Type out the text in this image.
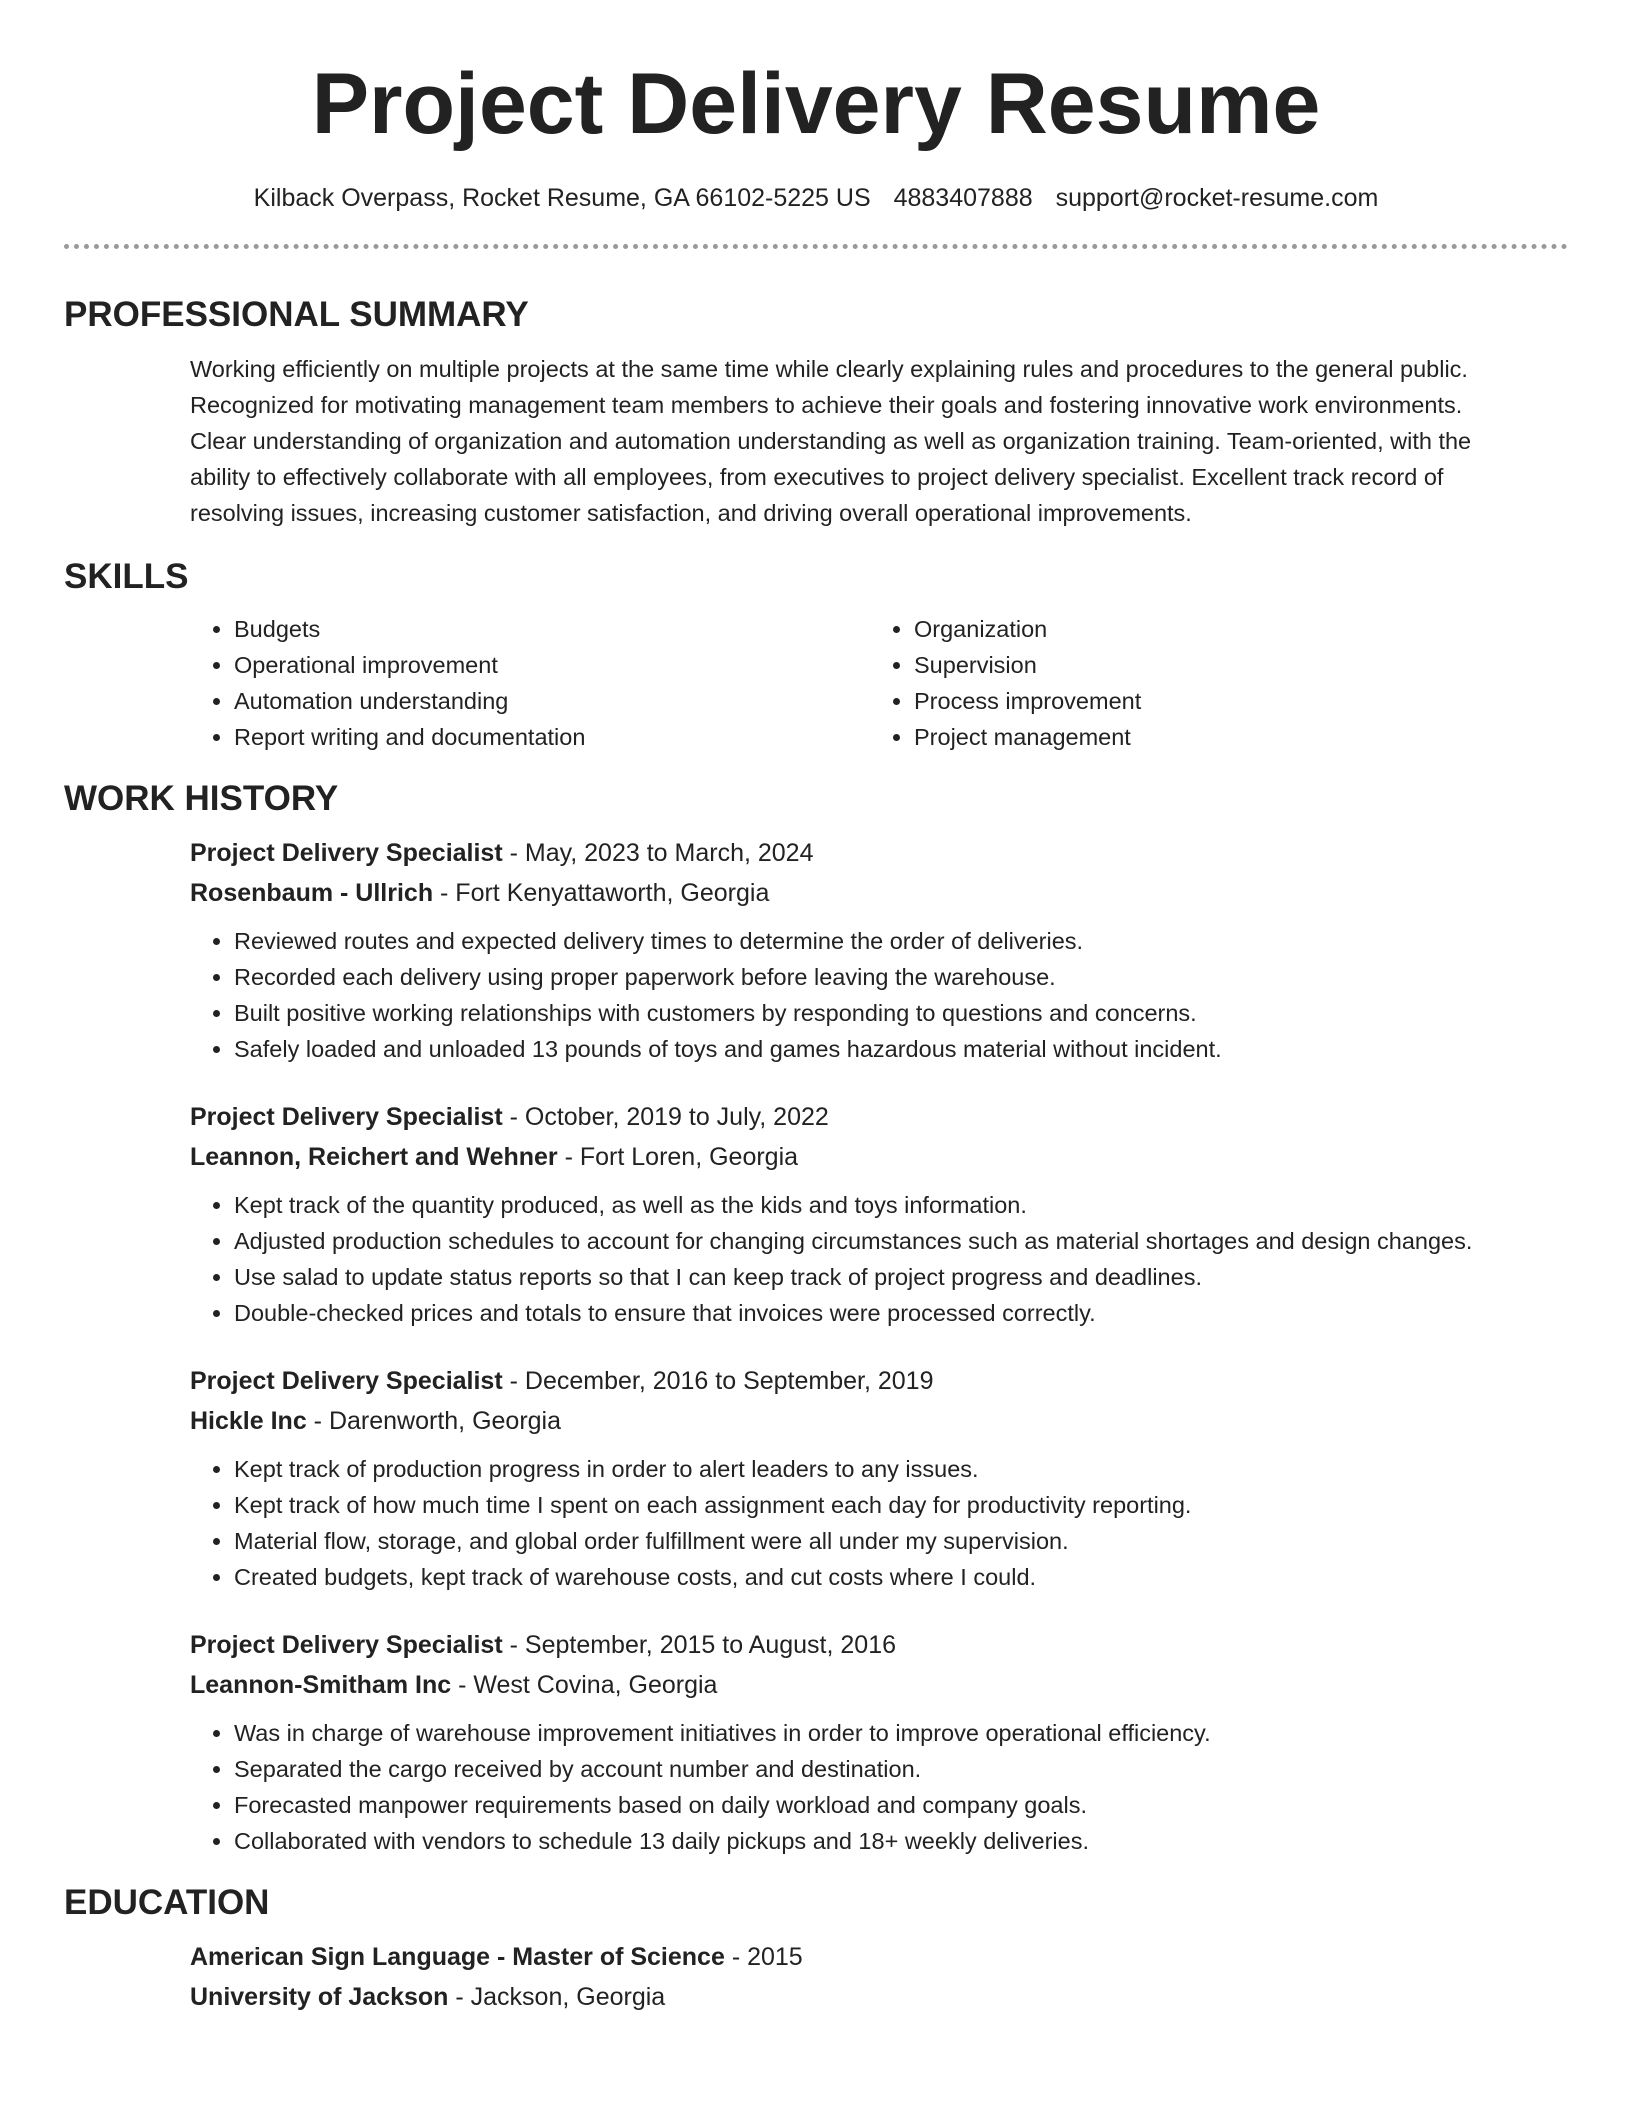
Project Delivery Resume
Kilback Overpass, Rocket Resume, GA 66102-5225 US 4883407888 support@rocket-resume.com
PROFESSIONAL SUMMARY

Working efficiently on multiple projects at the same time while clearly explaining rules and procedures to the general public.
Recognized for motivating management team members to achieve their goals and fostering innovative work environments.
Clear understanding of organization and automation understanding as well as organization training. Team-oriented, with the
ability to effectively collaborate with all employees, from executives to project delivery specialist. Excellent track record of
resolving issues, increasing customer satisfaction, and driving overall operational improvements.

SKILLS
• Budgets
• Operational improvement
• Automation understanding
• Report writing and documentation
• Organization
• Supervision
• Process improvement
• Project management
WORK HISTORY
Project Delivery Specialist - May, 2023 to March, 2024
Rosenbaum - Ullrich - Fort Kenyattaworth, Georgia
• Reviewed routes and expected delivery times to determine the order of deliveries.
• Recorded each delivery using proper paperwork before leaving the warehouse.
• Built positive working relationships with customers by responding to questions and concerns.
• Safely loaded and unloaded 13 pounds of toys and games hazardous material without incident.
Project Delivery Specialist - October, 2019 to July, 2022
Leannon, Reichert and Wehner - Fort Loren, Georgia
• Kept track of the quantity produced, as well as the kids and toys information.
• Adjusted production schedules to account for changing circumstances such as material shortages and design changes.
• Use salad to update status reports so that I can keep track of project progress and deadlines.
• Double-checked prices and totals to ensure that invoices were processed correctly.
Project Delivery Specialist - December, 2016 to September, 2019
Hickle Inc - Darenworth, Georgia
• Kept track of production progress in order to alert leaders to any issues.
• Kept track of how much time I spent on each assignment each day for productivity reporting.
• Material flow, storage, and global order fulfillment were all under my supervision.
• Created budgets, kept track of warehouse costs, and cut costs where I could.
Project Delivery Specialist - September, 2015 to August, 2016
Leannon-Smitham Inc - West Covina, Georgia
• Was in charge of warehouse improvement initiatives in order to improve operational efficiency.
• Separated the cargo received by account number and destination.
• Forecasted manpower requirements based on daily workload and company goals.
• Collaborated with vendors to schedule 13 daily pickups and 18+ weekly deliveries.
EDUCATION
American Sign Language - Master of Science - 2015
University of Jackson - Jackson, Georgia
